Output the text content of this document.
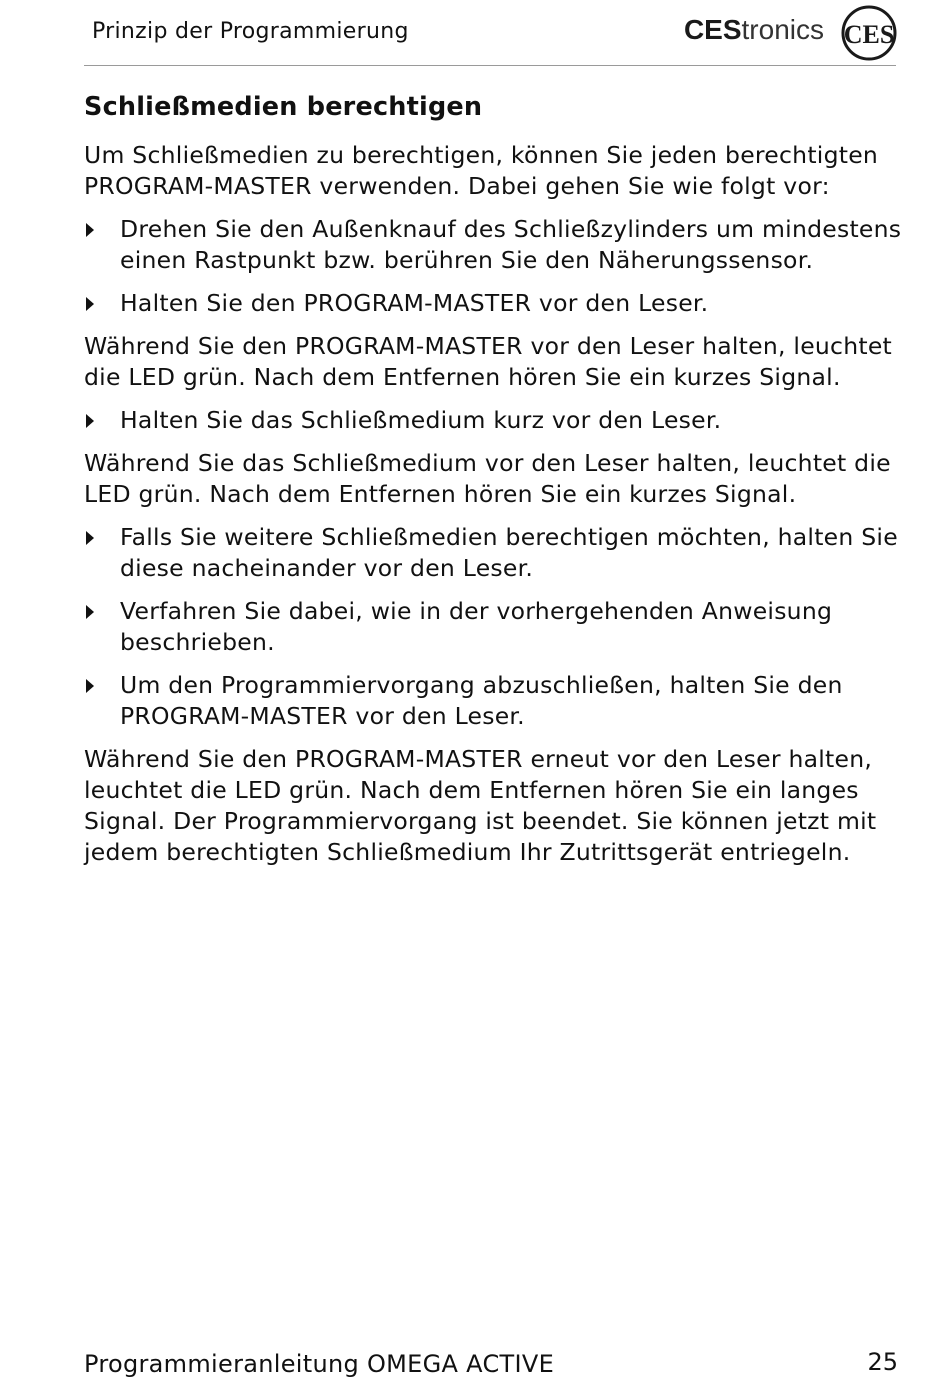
Prinzip der Programmierung	CEStronics CES
Schließmedien berechtigen

Um Schließmedien zu berechtigen, können Sie jeden berechtigten PROGRAM-MASTER verwenden. Dabei gehen Sie wie folgt vor:

Drehen Sie den Außenknauf des Schließzylinders um mindestens einen Rastpunkt bzw. berühren Sie den Näherungssensor.
Halten Sie den PROGRAM-MASTER vor den Leser.

Während Sie den PROGRAM-MASTER vor den Leser halten, leuchtet die LED grün. Nach dem Entfernen hören Sie ein kurzes Signal.

Halten Sie das Schließmedium kurz vor den Leser.

Während Sie das Schließmedium vor den Leser halten, leuchtet die LED grün. Nach dem Entfernen hören Sie ein kurzes Signal.

Falls Sie weitere Schließmedien berechtigen möchten, halten Sie diese nacheinander vor den Leser.
Verfahren Sie dabei, wie in der vorhergehenden Anweisung beschrieben.
Um den Programmiervorgang abzuschließen, halten Sie den PROGRAM-MASTER vor den Leser.

Während Sie den PROGRAM-MASTER erneut vor den Leser halten, leuchtet die LED grün. Nach dem Entfernen hören Sie ein langes Signal. Der Programmiervorgang ist beendet. Sie können jetzt mit jedem berechtigten Schließmedium Ihr Zutrittsgerät entriegeln.

Programmieranleitung OMEGA ACTIVE	25
